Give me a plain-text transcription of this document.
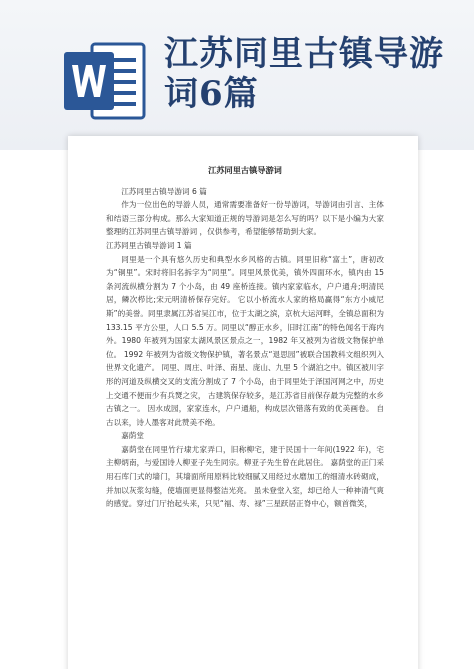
江苏同里古镇导游词6篇
江苏同里古镇导游词
江苏同里古镇导游词 6 篇
作为一位出色的导游人员，通常需要准备好一份导游词，导游词由引言、主体和结语三部分构成。那么大家知道正规的导游词是怎么写的吗？以下是小编为大家整理的江苏同里古镇导游词 ，仅供参考，希望能够帮助到大家。
江苏同里古镇导游词 1 篇
同里是一个具有悠久历史和典型水乡风格的古镇。同里旧称“富土”，唐初改为“铜里”。宋时将旧名拆字为“同里”。同里风景优美，镇外四面环水，镇内由 15 条河流纵横分割为 7 个小岛，由 49 座桥连接。镇内家家临水，户户通舟;明清民居，鳞次栉比;宋元明清桥保存完好。 它以小桥流水人家的格局赢得“东方小威尼斯”的美誉。同里隶属江苏省吴江市，位于太湖之滨，京杭大运河畔，全镇总面积为 133.15 平方公里，人口 5.5 万。同里以“醇正水乡，旧时江南”的特色闻名于海内外。1980 年被列为国家太湖风景区景点之一，1982 年又被列为省级文物保护单位。 1992 年被列为省级文物保护镇，著名景点“退思园”被联合国教科文组织列入世界文化遗产。 同里、周庄、叶泽、南星、庞山、九里 5 个湖泊之中。镇区被川字形的河道及纵横交叉的支流分割成了 7 个小岛，由于同里处于泽国河网之中，历史上交通不便而少有兵燹之灾， 古建筑保存较多，是江苏省目前保存最为完整的水乡古镇之一。 因水成园，家家连水，户户通船，构成层次错落有致的优美画卷。 自古以来，诗人墨客对此赞美不绝。
嘉荫堂
嘉荫堂在同里竹行埭尤家弄口，旧称柳宅，建于民国十一年间(1922 年)，宅主柳炳南，与爱国诗人柳亚子先生同宗。柳亚子先生曾在此居住。 嘉荫堂的正门采用石库门式的墙门，其墙面所用原料比较细腻又用经过水磨加工的细清水砖砌成，并加以灰浆勾缝，使墙面更显得整洁光亮。 虽未登堂入室，却已给人一种神清气爽的感觉。穿过门厅抬起头来，只见“福、寿、禄”三星跃居正脊中心，额首微笑，
